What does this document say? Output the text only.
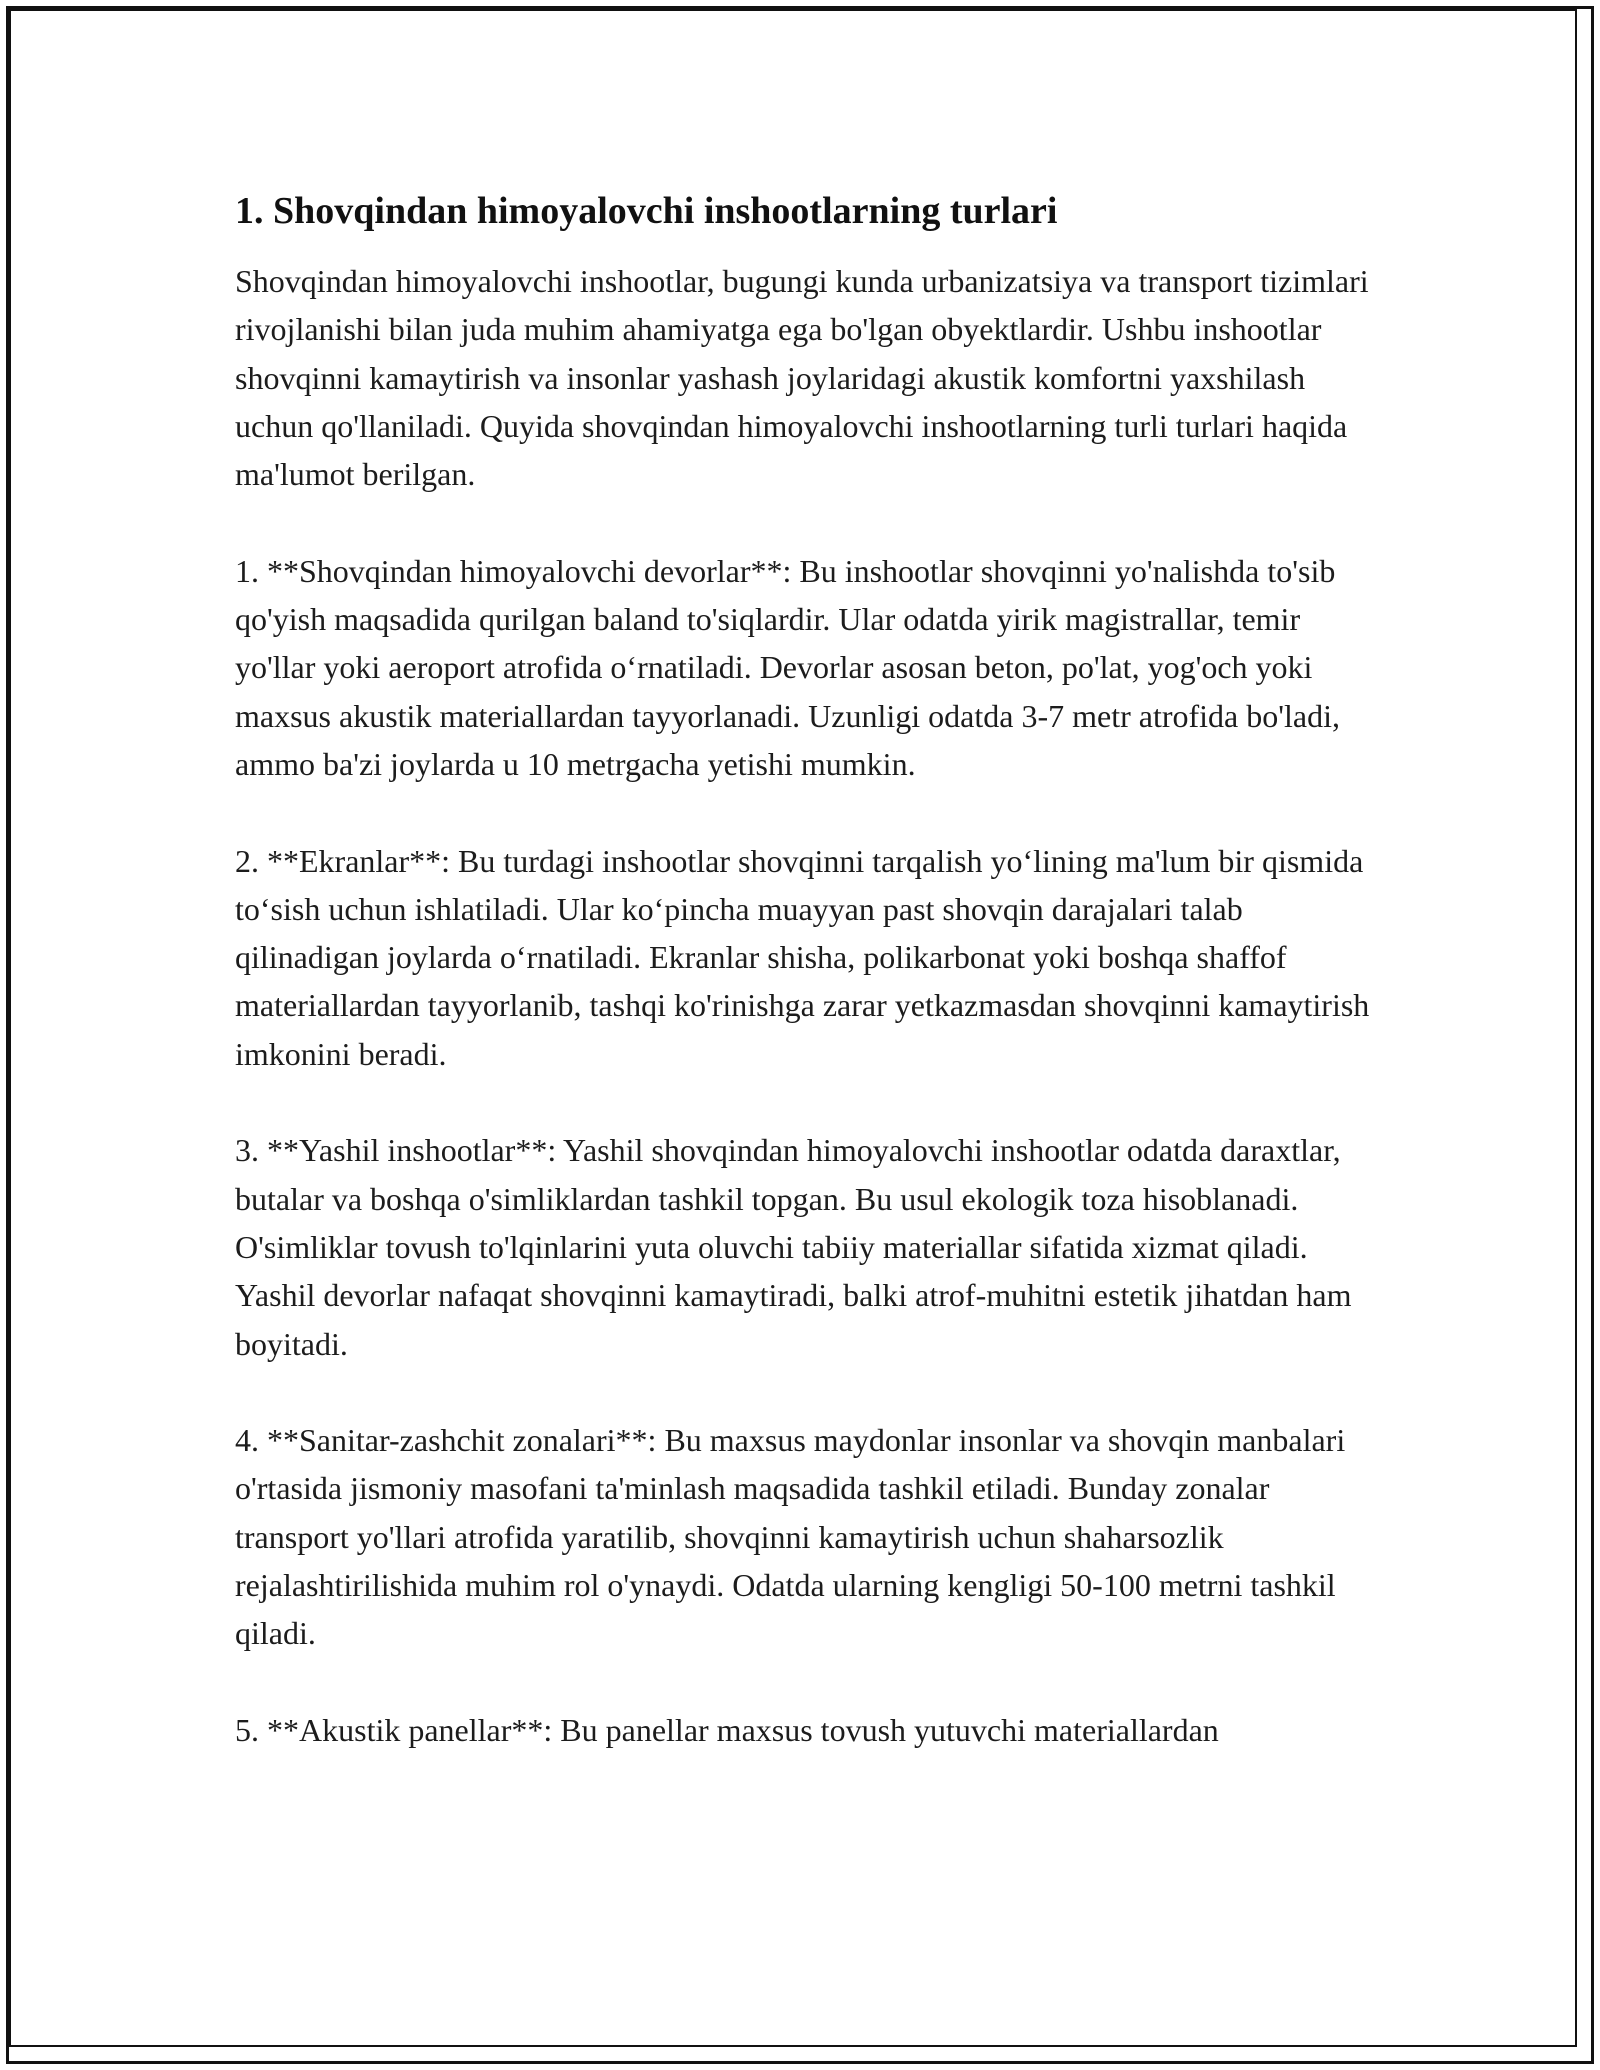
1. Shovqindan himoyalovchi inshootlarning turlari

Shovqindan himoyalovchi inshootlar, bugungi kunda urbanizatsiya va transport tizimlari rivojlanishi bilan juda muhim ahamiyatga ega bo'lgan obyektlardir. Ushbu inshootlar shovqinni kamaytirish va insonlar yashash joylaridagi akustik komfortni yaxshilash uchun qo'llaniladi. Quyida shovqindan himoyalovchi inshootlarning turli turlari haqida ma'lumot berilgan.

1. **Shovqindan himoyalovchi devorlar**: Bu inshootlar shovqinni yo'nalishda to'sib qo'yish maqsadida qurilgan baland to'siqlardir. Ular odatda yirik magistrallar, temir yo'llar yoki aeroport atrofida o‘rnatiladi. Devorlar asosan beton, po'lat, yog'och yoki maxsus akustik materiallardan tayyorlanadi. Uzunligi odatda 3-7 metr atrofida bo'ladi, ammo ba'zi joylarda u 10 metrgacha yetishi mumkin.

2. **Ekranlar**: Bu turdagi inshootlar shovqinni tarqalish yo‘lining ma'lum bir qismida to‘sish uchun ishlatiladi. Ular ko‘pincha muayyan past shovqin darajalari talab qilinadigan joylarda o‘rnatiladi. Ekranlar shisha, polikarbonat yoki boshqa shaffof materiallardan tayyorlanib, tashqi ko'rinishga zarar yetkazmasdan shovqinni kamaytirish imkonini beradi.

3. **Yashil inshootlar**: Yashil shovqindan himoyalovchi inshootlar odatda daraxtlar, butalar va boshqa o'simliklardan tashkil topgan. Bu usul ekologik toza hisoblanadi. O'simliklar tovush to'lqinlarini yuta oluvchi tabiiy materiallar sifatida xizmat qiladi. Yashil devorlar nafaqat shovqinni kamaytiradi, balki atrof-muhitni estetik jihatdan ham boyitadi.

4. **Sanitar-zashchit zonalari**: Bu maxsus maydonlar insonlar va shovqin manbalari o'rtasida jismoniy masofani ta'minlash maqsadida tashkil etiladi. Bunday zonalar transport yo'llari atrofida yaratilib, shovqinni kamaytirish uchun shaharsozlik rejalashtirilishida muhim rol o'ynaydi. Odatda ularning kengligi 50-100 metrni tashkil qiladi.

5. **Akustik panellar**: Bu panellar maxsus tovush yutuvchi materiallardan
